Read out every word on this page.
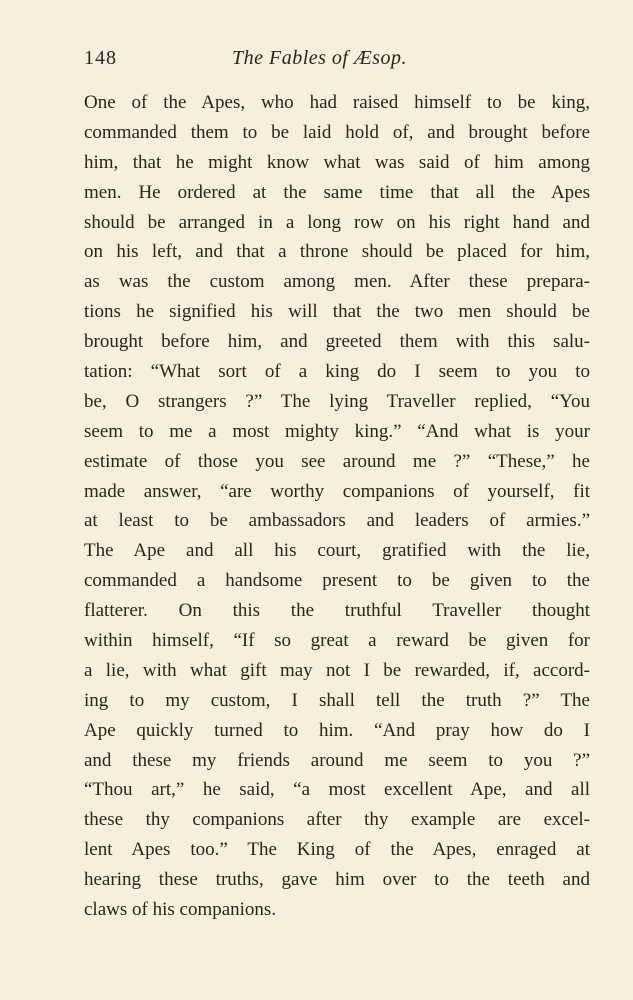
148	The Fables of Æsop.
One of the Apes, who had raised himself to be king,
commanded them to be laid hold of, and brought before
him, that he might know what was said of him among
men. He ordered at the same time that all the Apes
should be arranged in a long row on his right hand and
on his left, and that a throne should be placed for him,
as was the custom among men. After these prepara-
tions he signified his will that the two men should be
brought before him, and greeted them with this salu-
tation: “What sort of a king do I seem to you to
be, O strangers ?” The lying Traveller replied, “You
seem to me a most mighty king.” “And what is your
estimate of those you see around me ?” “These,” he
made answer, “are worthy companions of yourself, fit
at least to be ambassadors and leaders of armies.”
The Ape and all his court, gratified with the lie,
commanded a handsome present to be given to the
flatterer. On this the truthful Traveller thought
within himself, “If so great a reward be given for
a lie, with what gift may not I be rewarded, if, accord-
ing to my custom, I shall tell the truth ?” The
Ape quickly turned to him. “And pray how do I
and these my friends around me seem to you ?”
“Thou art,” he said, “a most excellent Ape, and all
these thy companions after thy example are excel-
lent Apes too.” The King of the Apes, enraged at
hearing these truths, gave him over to the teeth and
claws of his companions.
